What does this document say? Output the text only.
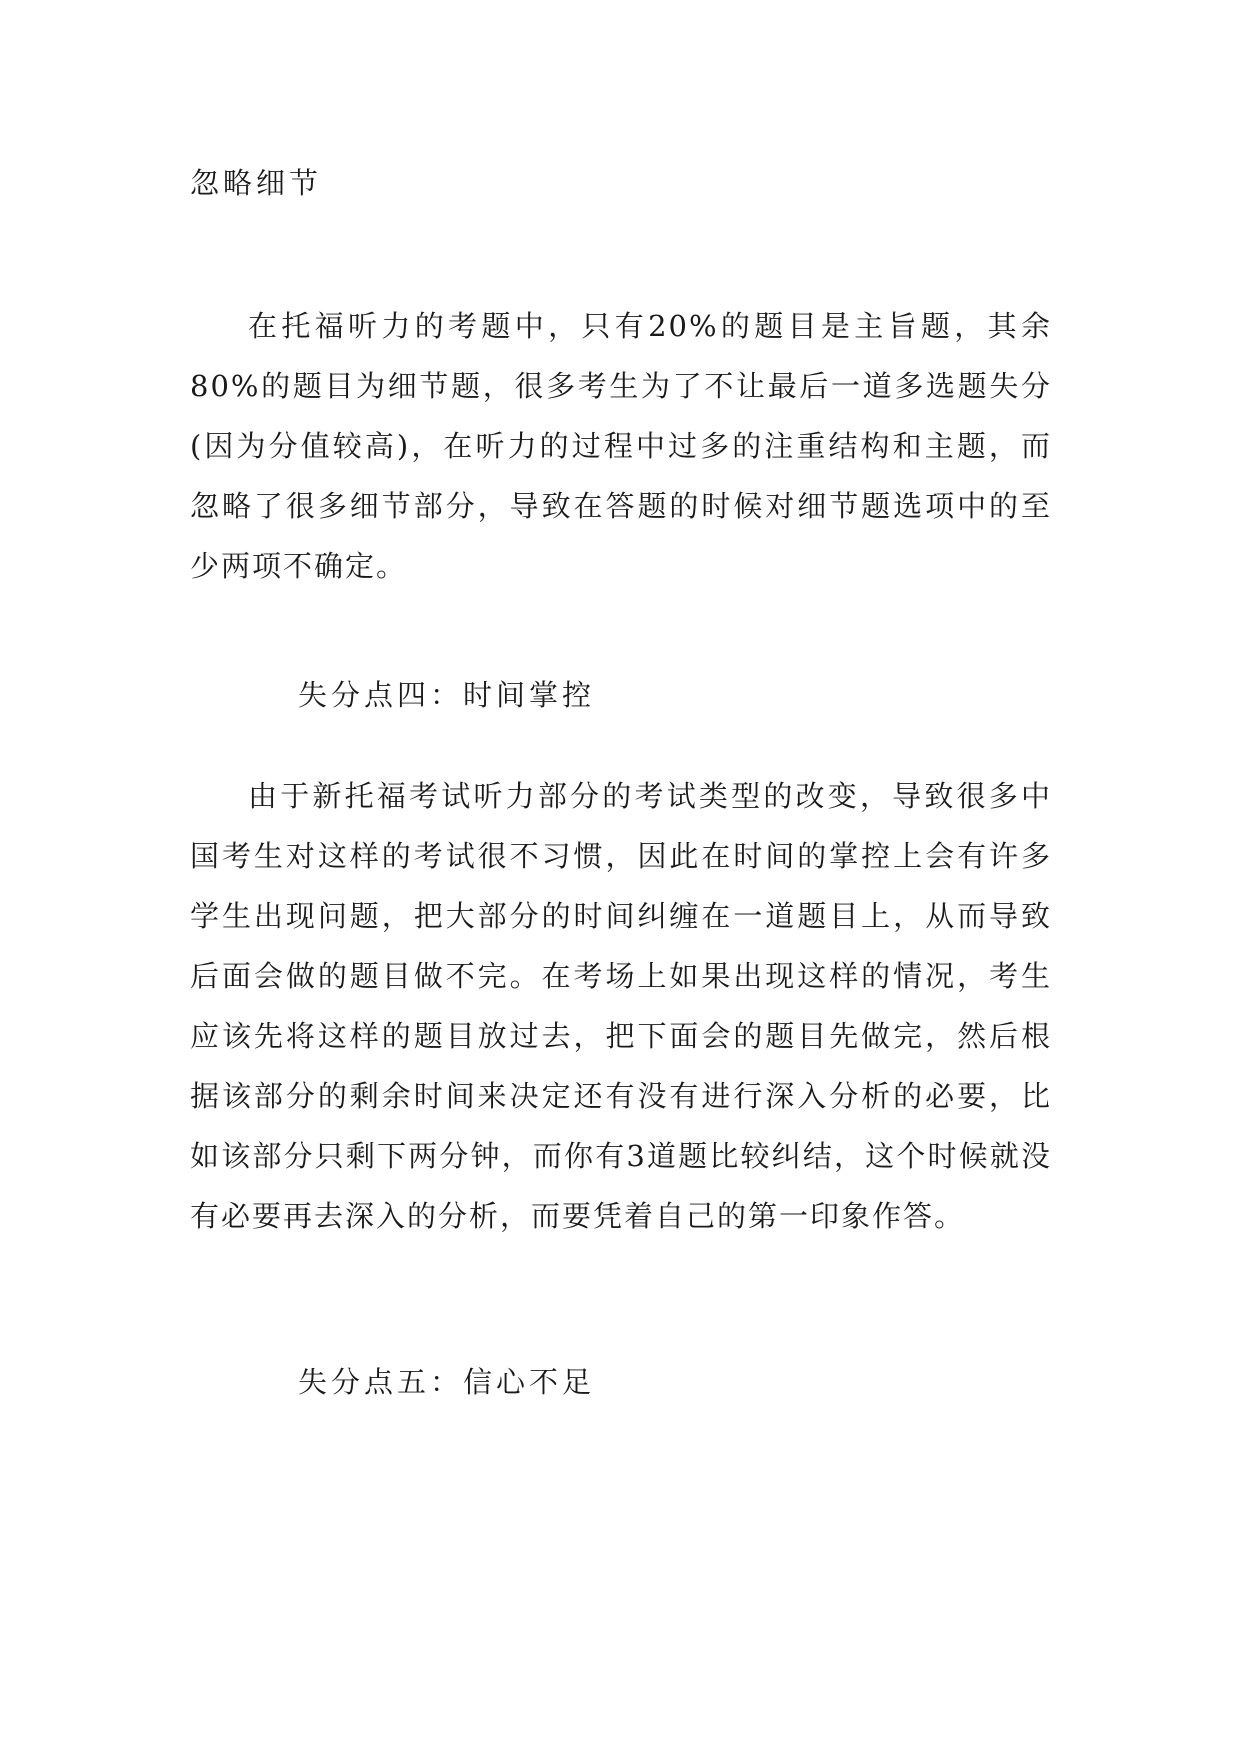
忽略细节

在托福听力的考题中，只有20%的题目是主旨题，其余80%的题目为细节题，很多考生为了不让最后一道多选题失分(因为分值较高)，在听力的过程中过多的注重结构和主题，而忽略了很多细节部分，导致在答题的时候对细节题选项中的至少两项不确定。

失分点四：时间掌控

由于新托福考试听力部分的考试类型的改变，导致很多中国考生对这样的考试很不习惯，因此在时间的掌控上会有许多学生出现问题，把大部分的时间纠缠在一道题目上，从而导致后面会做的题目做不完。在考场上如果出现这样的情况，考生应该先将这样的题目放过去，把下面会的题目先做完，然后根据该部分的剩余时间来决定还有没有进行深入分析的必要，比如该部分只剩下两分钟，而你有3道题比较纠结，这个时候就没有必要再去深入的分析，而要凭着自己的第一印象作答。

失分点五：信心不足
